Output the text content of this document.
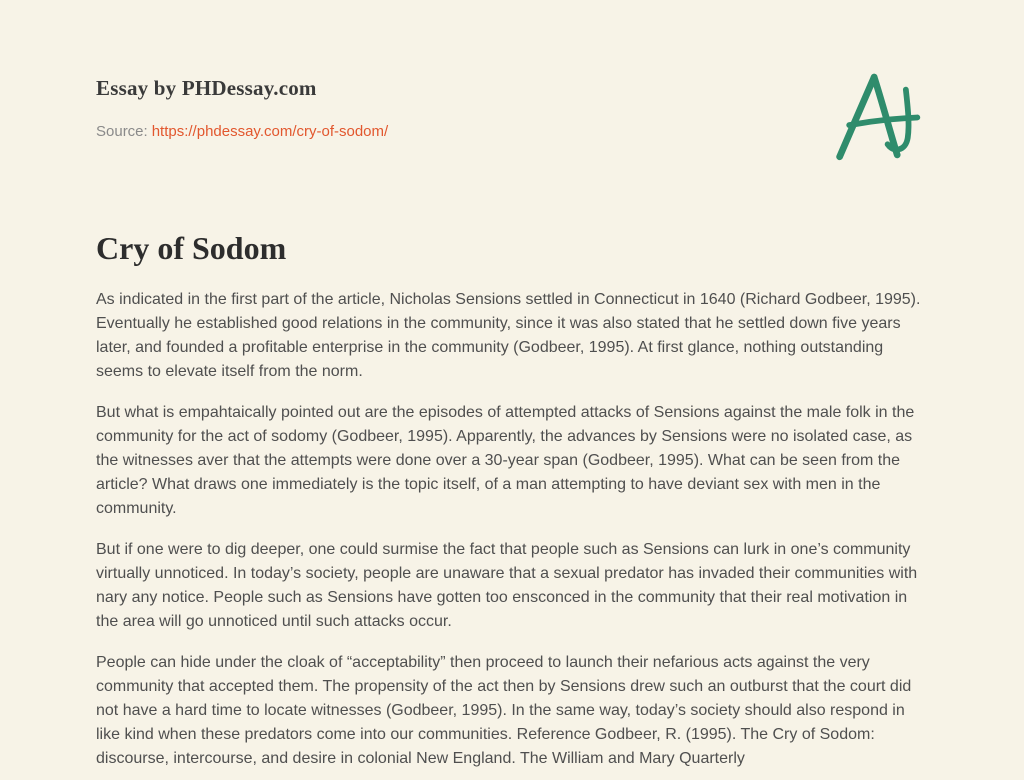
Essay by PHDessay.com
Source: https://phdessay.com/cry-of-sodom/
Cry of Sodom

As indicated in the first part of the article, Nicholas Sensions settled in Connecticut in 1640 (Richard Godbeer, 1995). Eventually he established good relations in the community, since it was also stated that he settled down five years later, and founded a profitable enterprise in the community (Godbeer, 1995). At first glance, nothing outstanding seems to elevate itself from the norm.

But what is empahtaically pointed out are the episodes of attempted attacks of Sensions against the male folk in the community for the act of sodomy (Godbeer, 1995). Apparently, the advances by Sensions were no isolated case, as the witnesses aver that the attempts were done over a 30-year span (Godbeer, 1995). What can be seen from the article? What draws one immediately is the topic itself, of a man attempting to have deviant sex with men in the community.

But if one were to dig deeper, one could surmise the fact that people such as Sensions can lurk in one’s community virtually unnoticed. In today’s society, people are unaware that a sexual predator has invaded their communities with nary any notice. People such as Sensions have gotten too ensconced in the community that their real motivation in the area will go unnoticed until such attacks occur.

People can hide under the cloak of “acceptability” then proceed to launch their nefarious acts against the very community that accepted them. The propensity of the act then by Sensions drew such an outburst that the court did not have a hard time to locate witnesses (Godbeer, 1995). In the same way, today’s society should also respond in like kind when these predators come into our communities. Reference Godbeer, R. (1995). The Cry of Sodom: discourse, intercourse, and desire in colonial New England. The William and Mary Quarterly
